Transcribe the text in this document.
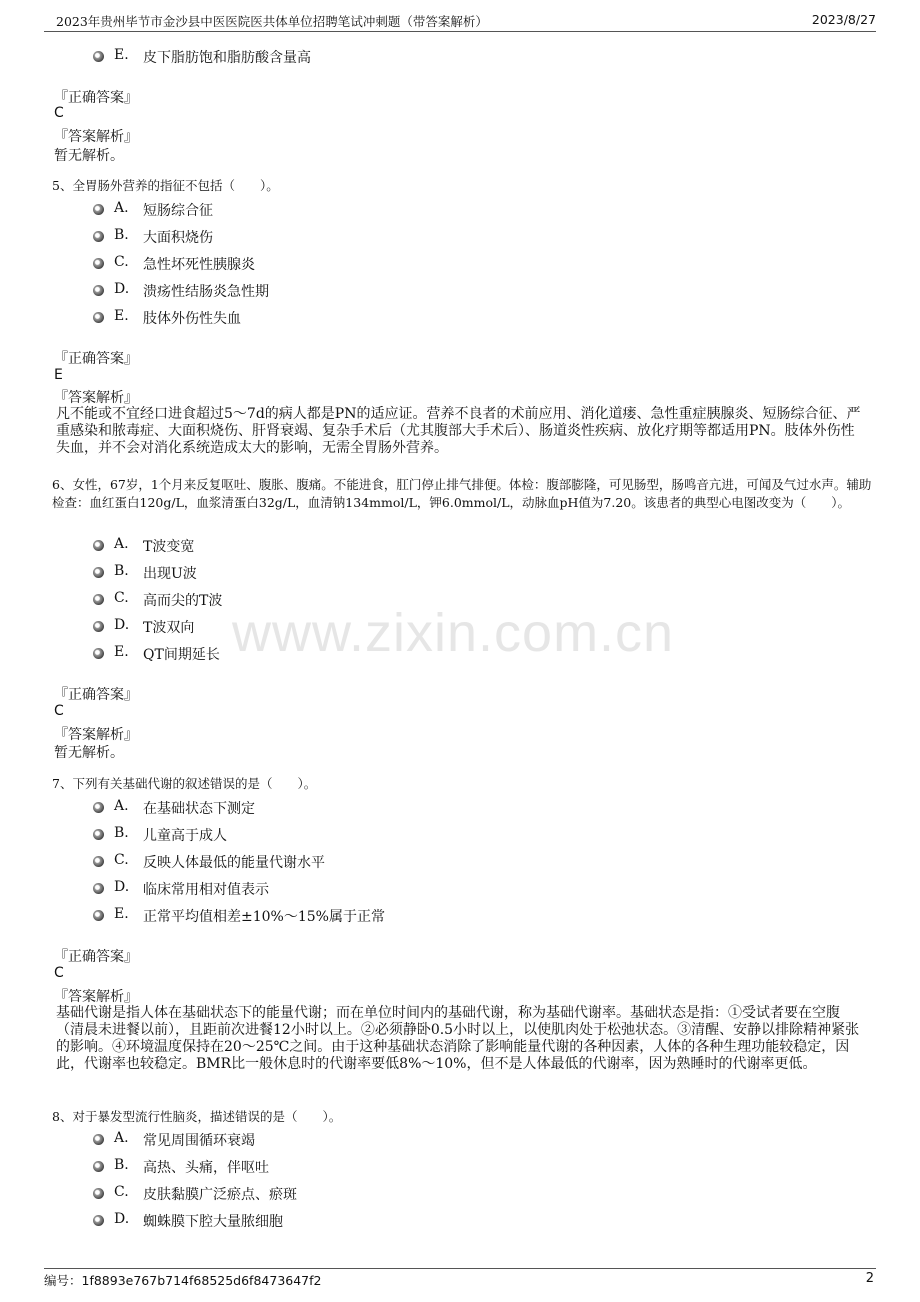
2023年贵州毕节市金沙县中医医院医共体单位招聘笔试冲刺题（带答案解析）	2023/8/27
www.zixin.com.cn
E. 皮下脂肪饱和脂肪酸含量高
『正确答案』
C
『答案解析』
暂无解析。
5、全胃肠外营养的指征不包括（　　）。
A. 短肠综合征
B. 大面积烧伤
C. 急性坏死性胰腺炎
D. 溃疡性结肠炎急性期
E. 肢体外伤性失血
『正确答案』
E
『答案解析』
凡不能或不宜经口进食超过5～7d的病人都是PN的适应证。营养不良者的术前应用、消化道瘘、急性重症胰腺炎、短肠综合征、严重感染和脓毒症、大面积烧伤、肝肾衰竭、复杂手术后（尤其腹部大手术后）、肠道炎性疾病、放化疗期等都适用PN。肢体外伤性失血，并不会对消化系统造成太大的影响，无需全胃肠外营养。
6、女性，67岁，1个月来反复呕吐、腹胀、腹痛。不能进食，肛门停止排气排便。体检：腹部膨隆，可见肠型，肠鸣音亢进，可闻及气过水声。辅助检查：血红蛋白120g/L，血浆清蛋白32g/L，血清钠134mmol/L，钾6.0mmol/L，动脉血pH值为7.20。该患者的典型心电图改变为（　　）。
A. T波变宽
B. 出现U波
C. 高而尖的T波
D. T波双向
E. QT间期延长
『正确答案』
C
『答案解析』
暂无解析。
7、下列有关基础代谢的叙述错误的是（　　）。
A. 在基础状态下测定
B. 儿童高于成人
C. 反映人体最低的能量代谢水平
D. 临床常用相对值表示
E. 正常平均值相差±10%～15%属于正常
『正确答案』
C
『答案解析』
基础代谢是指人体在基础状态下的能量代谢；而在单位时间内的基础代谢，称为基础代谢率。基础状态是指：①受试者要在空腹（清晨未进餐以前），且距前次进餐12小时以上。②必须静卧0.5小时以上，以使肌肉处于松弛状态。③清醒、安静以排除精神紧张的影响。④环境温度保持在20～25℃之间。由于这种基础状态消除了影响能量代谢的各种因素，人体的各种生理功能较稳定，因此，代谢率也较稳定。BMR比一般休息时的代谢率要低8%～10%，但不是人体最低的代谢率，因为熟睡时的代谢率更低。
8、对于暴发型流行性脑炎，描述错误的是（　　）。
A. 常见周围循环衰竭
B. 高热、头痛，伴呕吐
C. 皮肤黏膜广泛瘀点、瘀斑
D. 蜘蛛膜下腔大量脓细胞
编号：1f8893e767b714f68525d6f8473647f2	2
